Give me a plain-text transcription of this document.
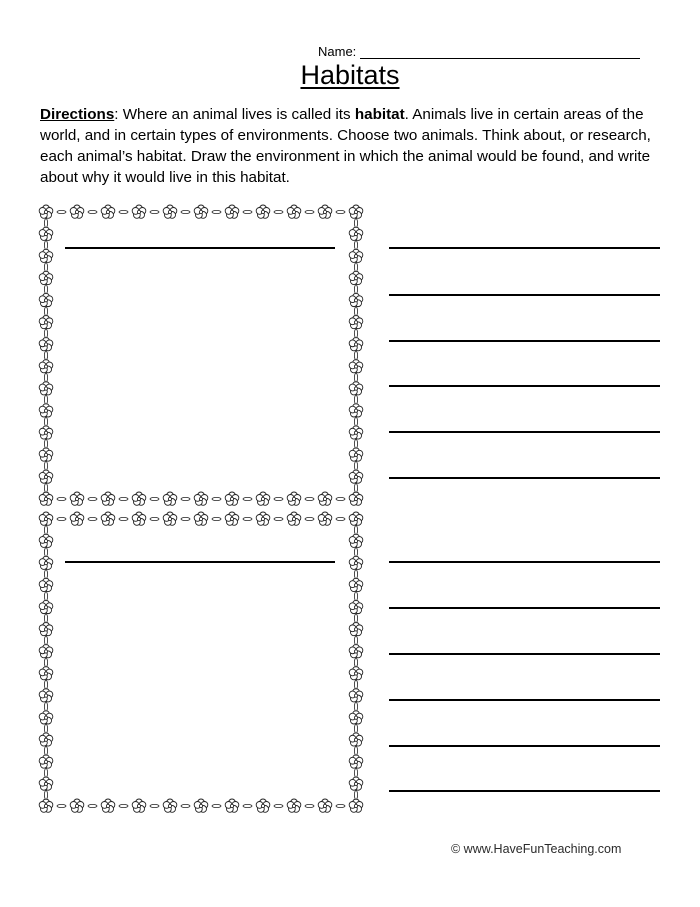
Name:
Habitats
Directions: Where an animal lives is called its habitat. Animals live in certain areas of the world, and in certain types of environments. Choose two animals. Think about, or research, each animal’s habitat. Draw the environment in which the animal would be found, and write about why it would live in this habitat.
© www.HaveFunTeaching.com
